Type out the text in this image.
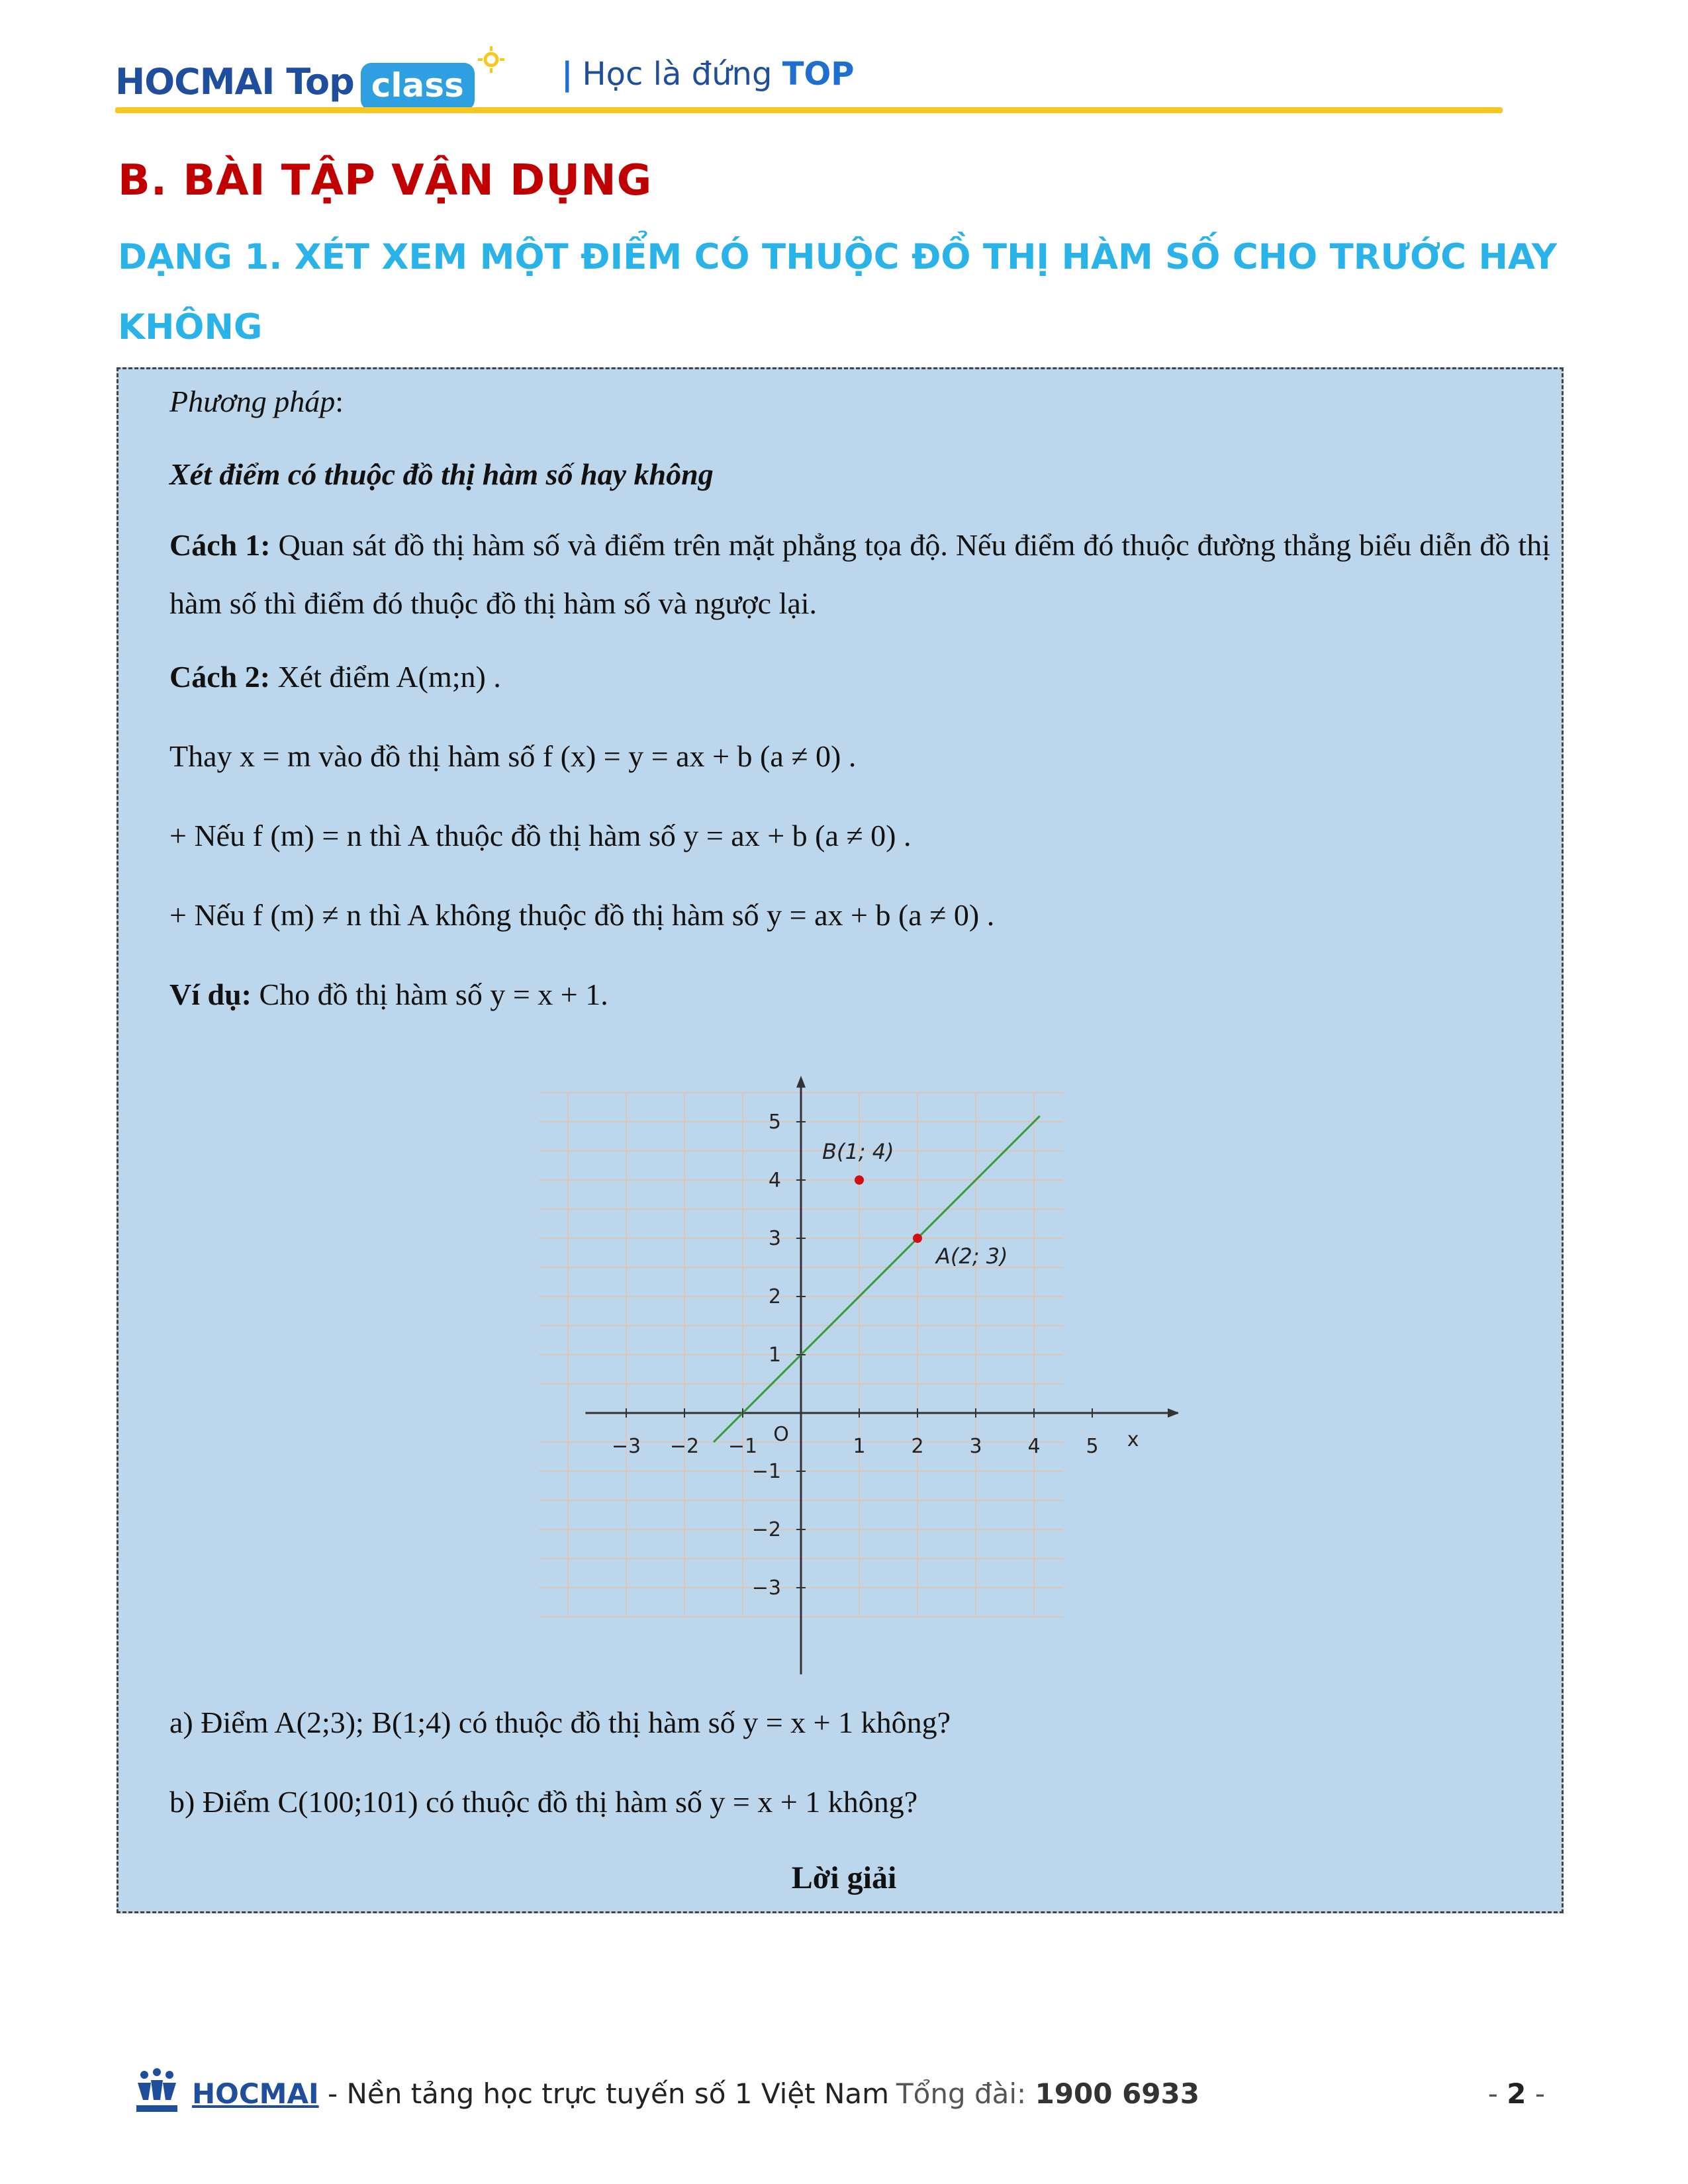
HOCMAI Top class	| Học là đứng TOP
B. BÀI TẬP VẬN DỤNG
DẠNG 1. XÉT XEM MỘT ĐIỂM CÓ THUỘC ĐỒ THỊ HÀM SỐ CHO TRƯỚC HAY KHÔNG
Phương pháp:
Xét điểm có thuộc đồ thị hàm số hay không
Cách 1: Quan sát đồ thị hàm số và điểm trên mặt phẳng tọa độ. Nếu điểm đó thuộc đường thẳng biểu diễn đồ thị hàm số thì điểm đó thuộc đồ thị hàm số và ngược lại.
Cách 2: Xét điểm A(m;n) .
Thay x = m vào đồ thị hàm số f (x) = y = ax + b (a ≠ 0) .
+ Nếu f (m) = n thì A thuộc đồ thị hàm số y = ax + b (a ≠ 0) .
+ Nếu f (m) ≠ n thì A không thuộc đồ thị hàm số y = ax + b (a ≠ 0) .
Ví dụ: Cho đồ thị hàm số y = x + 1.
−3 −2 −1	1 2 3 4 5
−3
−2
−1
1
2
3
4
5
O	x
A(2; 3)
B(1; 4)
a) Điểm A(2;3); B(1;4) có thuộc đồ thị hàm số y = x + 1 không?
b) Điểm C(100;101) có thuộc đồ thị hàm số y = x + 1 không?
Lời giải
HOCMAI - Nền tảng học trực tuyến số 1 Việt Nam Tổng đài: 1900 6933	- 2 -
